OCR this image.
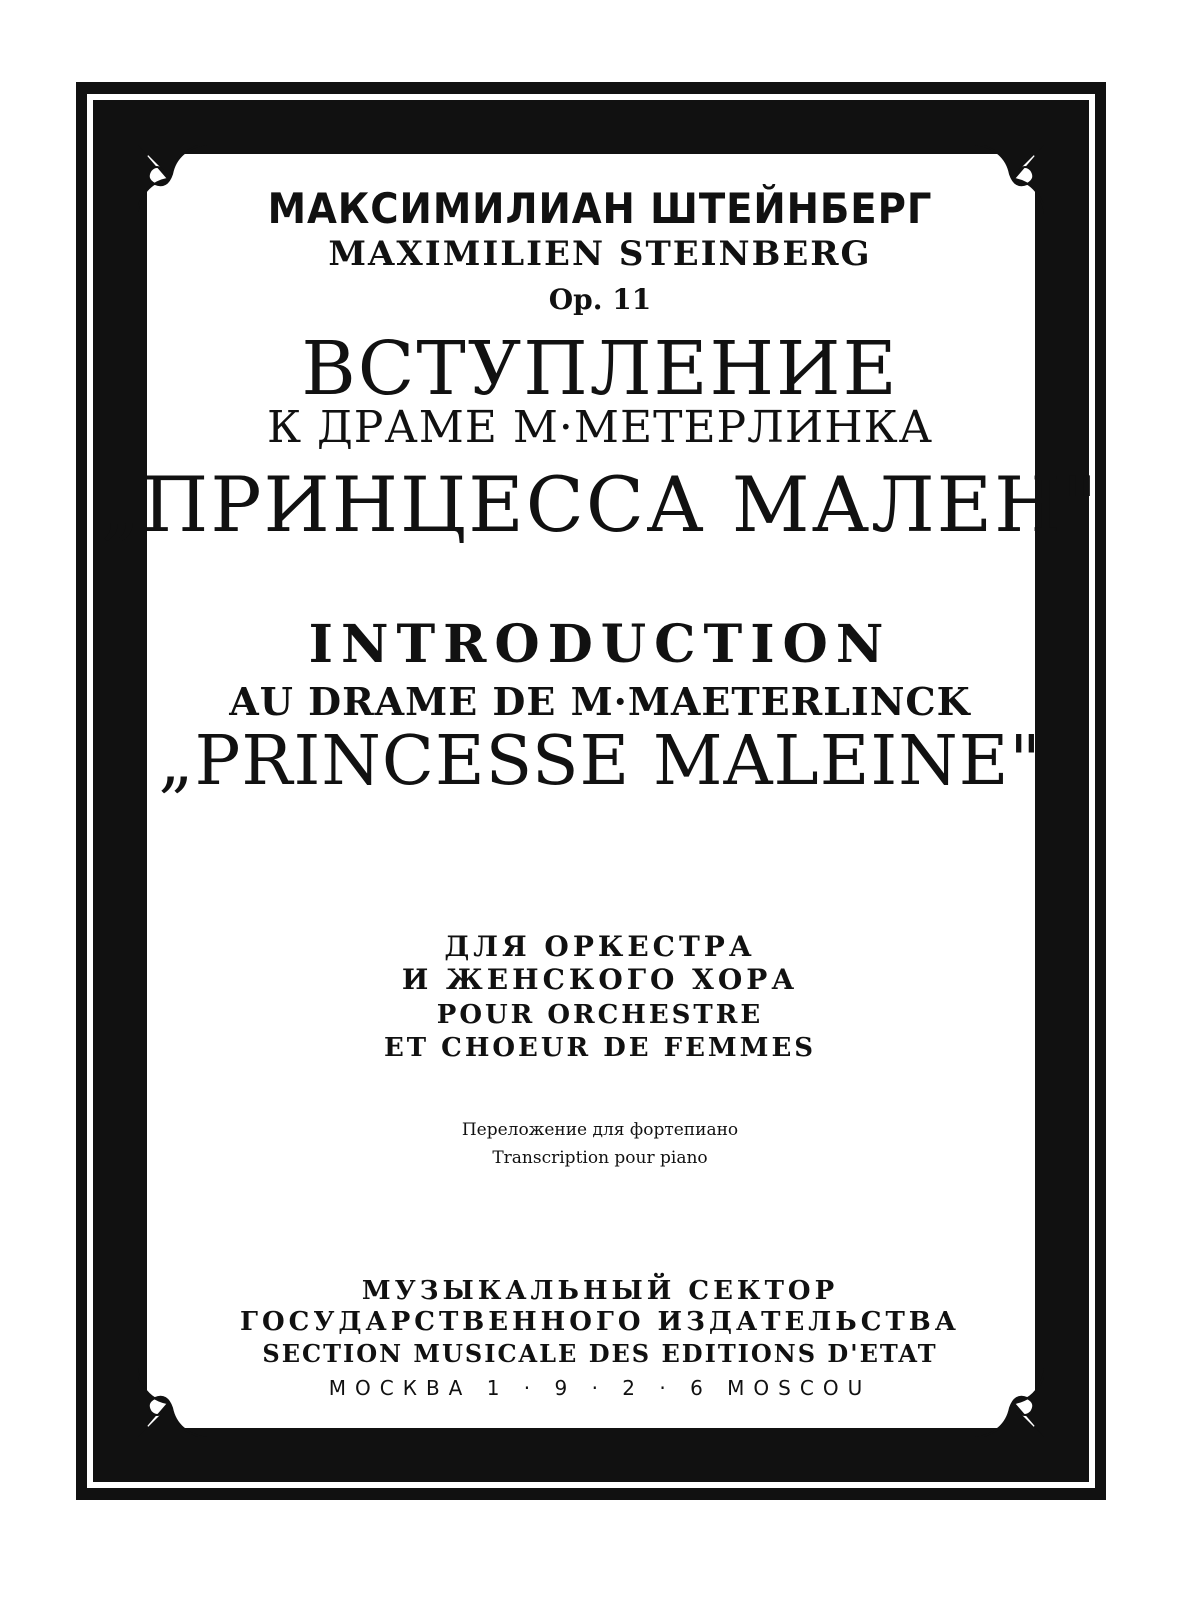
МАКСИМИЛИАН ШТЕЙНБЕРГ
MAXIMILIEN STEINBERG
Op. 11
ВСТУПЛЕНИЕ
К ДРАМЕ М·МЕТЕРЛИНКА
„ПРИНЦЕССА МАЛЕН"
INTRODUCTION
AU DRAME DE M·MAETERLINCK
„PRINCESSE MALEINE"
ДЛЯ ОРКЕСТРА
И ЖЕНСКОГО ХОРА
POUR ORCHESTRE
ET CHOEUR DE FEMMES
Переложение для фортепиано
Transcription pour piano
МУЗЫКАЛЬНЫЙ СЕКТОР
ГОСУДАРСТВЕННОГО ИЗДАТЕЛЬСТВА
SECTION MUSICALE DES EDITIONS D'ETAT
МОСКВА 1 · 9 · 2 · 6 MOSCOU
